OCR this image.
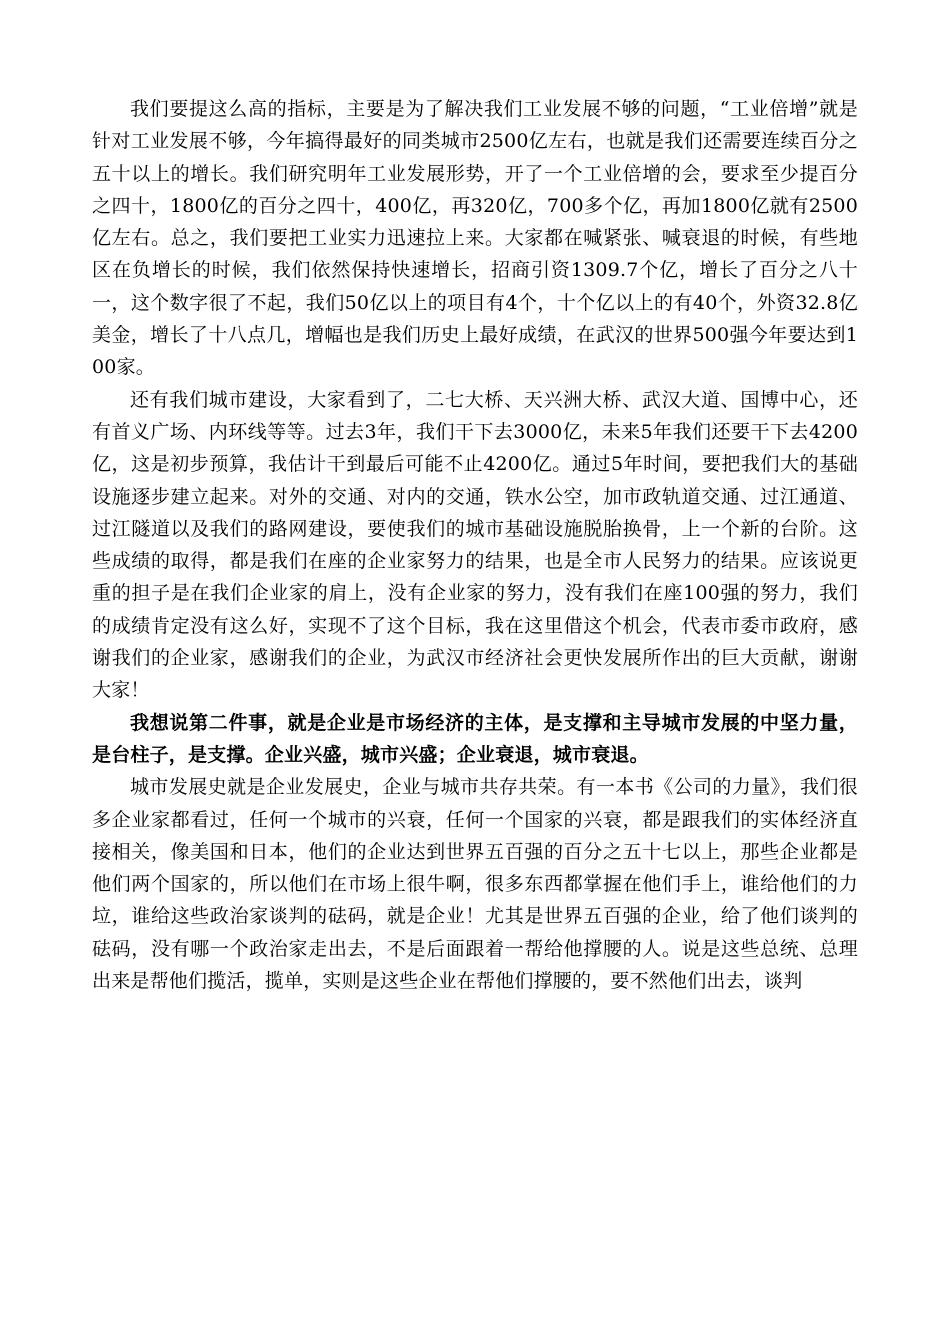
我们要提这么高的指标，主要是为了解决我们工业发展不够的问题，“工业倍增”就是针对工业发展不够，今年搞得最好的同类城市2500亿左右，也就是我们还需要连续百分之五十以上的增长。我们研究明年工业发展形势，开了一个工业倍增的会，要求至少提百分之四十，1800亿的百分之四十，400亿，再320亿，700多个亿，再加1800亿就有2500亿左右。总之，我们要把工业实力迅速拉上来。大家都在喊紧张、喊衰退的时候，有些地区在负增长的时候，我们依然保持快速增长，招商引资1309.7个亿，增长了百分之八十一，这个数字很了不起，我们50亿以上的项目有4个，十个亿以上的有40个，外资32.8亿美金，增长了十八点几，增幅也是我们历史上最好成绩，在武汉的世界500强今年要达到100家。

还有我们城市建设，大家看到了，二七大桥、天兴洲大桥、武汉大道、国博中心，还有首义广场、内环线等等。过去3年，我们干下去3000亿，未来5年我们还要干下去4200亿，这是初步预算，我估计干到最后可能不止4200亿。通过5年时间，要把我们大的基础设施逐步建立起来。对外的交通、对内的交通，铁水公空，加市政轨道交通、过江通道、过江隧道以及我们的路网建设，要使我们的城市基础设施脱胎换骨，上一个新的台阶。这些成绩的取得，都是我们在座的企业家努力的结果，也是全市人民努力的结果。应该说更重的担子是在我们企业家的肩上，没有企业家的努力，没有我们在座100强的努力，我们的成绩肯定没有这么好，实现不了这个目标，我在这里借这个机会，代表市委市政府，感谢我们的企业家，感谢我们的企业，为武汉市经济社会更快发展所作出的巨大贡献，谢谢大家！

我想说第二件事，就是企业是市场经济的主体，是支撑和主导城市发展的中坚力量，是台柱子，是支撑。企业兴盛，城市兴盛；企业衰退，城市衰退。

城市发展史就是企业发展史，企业与城市共存共荣。有一本书《公司的力量》，我们很多企业家都看过，任何一个城市的兴衰，任何一个国家的兴衰，都是跟我们的实体经济直接相关，像美国和日本，他们的企业达到世界五百强的百分之五十七以上，那些企业都是他们两个国家的，所以他们在市场上很牛啊，很多东西都掌握在他们手上，谁给他们的力垃，谁给这些政治家谈判的砝码，就是企业！尤其是世界五百强的企业，给了他们谈判的砝码，没有哪一个政治家走出去，不是后面跟着一帮给他撑腰的人。说是这些总统、总理出来是帮他们揽活，揽单，实则是这些企业在帮他们撑腰的，要不然他们出去，谈判
